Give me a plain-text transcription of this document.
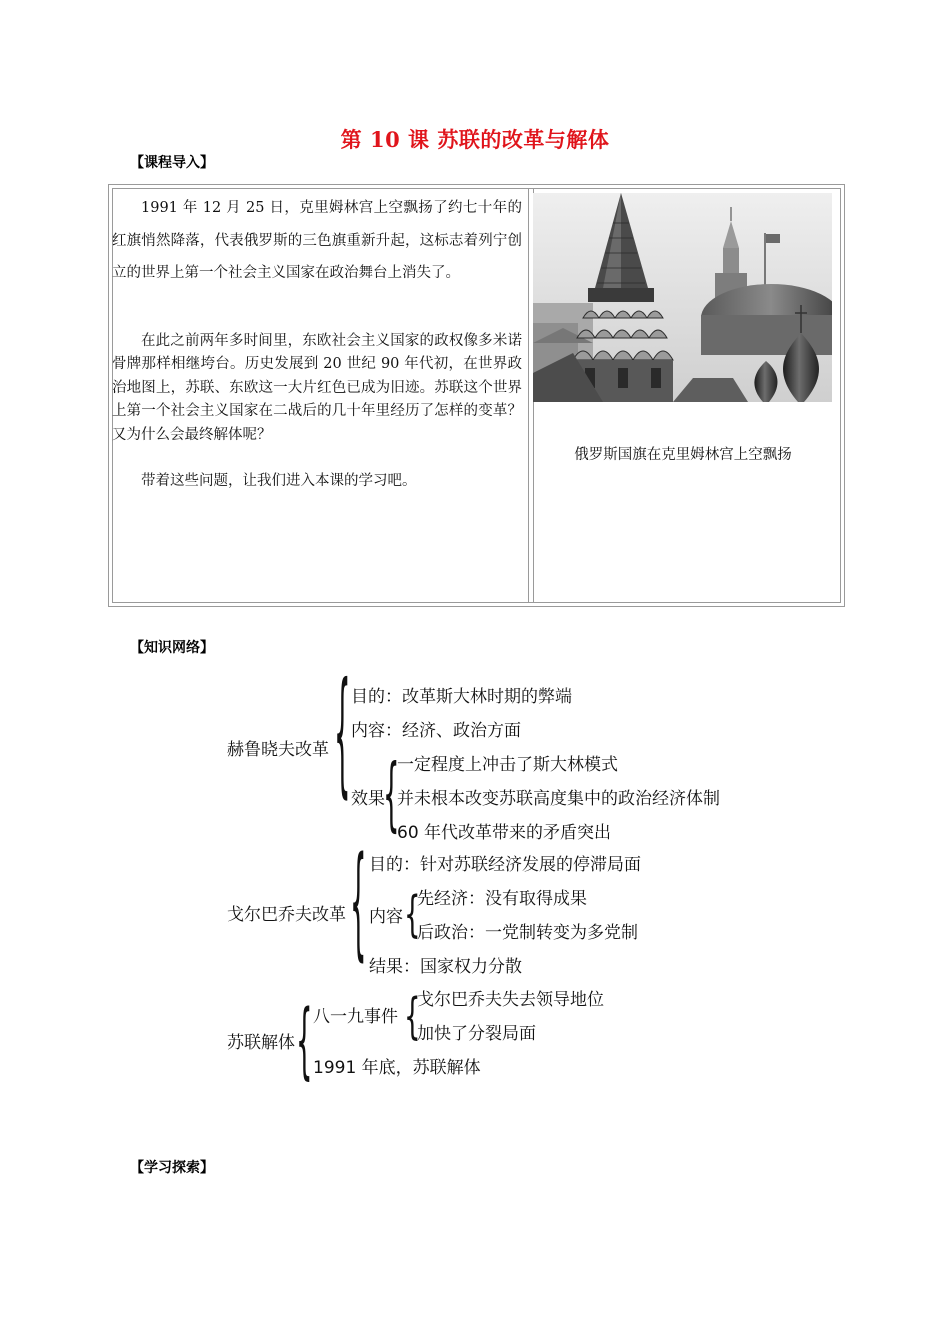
第 10 课 苏联的改革与解体
【课程导入】

1991 年 12 月 25 日，克里姆林宫上空飘扬了约七十年的红旗悄然降落，代表俄罗斯的三色旗重新升起，这标志着列宁创立的世界上第一个社会主义国家在政治舞台上消失了。

在此之前两年多时间里，东欧社会主义国家的政权像多米诺骨牌那样相继垮台。历史发展到 20 世纪 90 年代初，在世界政治地图上，苏联、东欧这一大片红色已成为旧迹。苏联这个世界上第一个社会主义国家在二战后的几十年里经历了怎样的变革？又为什么会最终解体呢？

带着这些问题，让我们进入本课的学习吧。

俄罗斯国旗在克里姆林宫上空飘扬
【知识网络】
赫鲁晓夫改革 { 目的：改革斯大林时期的弊端
内容：经济、政治方面
效果
{
一定程度上冲击了斯大林模式
并未根本改变苏联高度集中的政治经济体制
60 年代改革带来的矛盾突出
戈尔巴乔夫改革 { 目的：针对苏联经济发展的停滞局面
内容 {
先经济：没有取得成果
后政治：一党制转变为多党制
结果：国家权力分散
苏联解体 { 八一九事件 {
戈尔巴乔夫失去领导地位
加快了分裂局面
1991 年底，苏联解体
【学习探索】
